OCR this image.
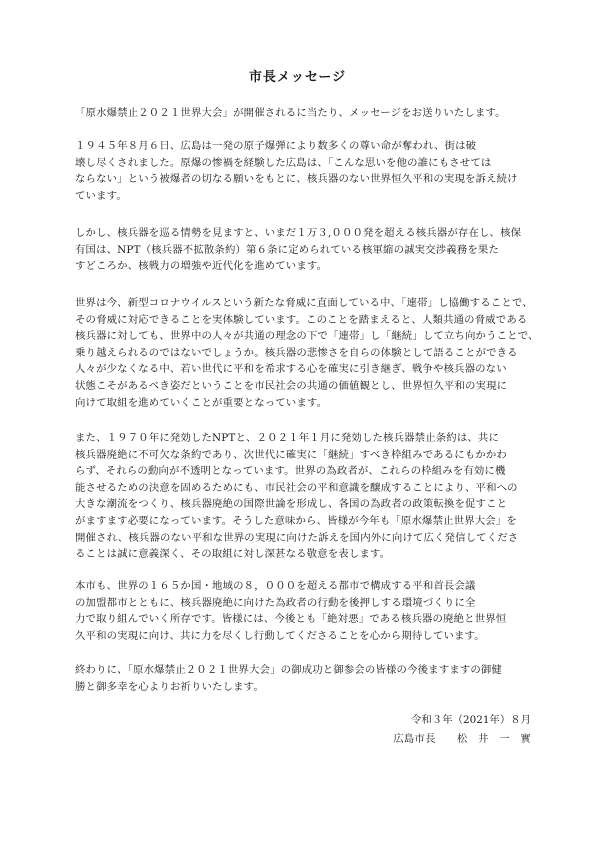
市長メッセージ

「原水爆禁止２０２１世界大会」が開催されるに当たり、メッセージをお送りいたします。

１９４５年８月６日、広島は一発の原子爆弾により数多くの尊い命が奪われ、街は破
壊し尽くされました。原爆の惨禍を経験した広島は、「こんな思いを他の誰にもさせては
ならない」という被爆者の切なる願いをもとに、核兵器のない世界恒久平和の実現を訴え続け
ています。

しかし、核兵器を巡る情勢を見ますと、いまだ１万３,０００発を超える核兵器が存在し、核保
有国は、NPT（核兵器不拡散条約）第６条に定められている核軍縮の誠実交渉義務を果た
すどころか、核戦力の増強や近代化を進めています。

世界は今、新型コロナウイルスという新たな脅威に直面している中、「連帯」し協働することで、
その脅威に対応できることを実体験しています。このことを踏まえると、人類共通の脅威である
核兵器に対しても、世界中の人々が共通の理念の下で「連帯」し「継続」して立ち向かうことで、
乗り越えられるのではないでしょうか。核兵器の悲惨さを自らの体験として語ることができる
人々が少なくなる中、若い世代に平和を希求する心を確実に引き継ぎ、戦争や核兵器のない
状態こそがあるべき姿だということを市民社会の共通の価値観とし、世界恒久平和の実現に
向けて取組を進めていくことが重要となっています。

また、１９７０年に発効したNPTと、２０２１年１月に発効した核兵器禁止条約は、共に
核兵器廃絶に不可欠な条約であり、次世代に確実に「継続」すべき枠組みであるにもかかわ
らず、それらの動向が不透明となっています。世界の為政者が、これらの枠組みを有効に機
能させるための決意を固めるためにも、市民社会の平和意識を醸成することにより、平和への
大きな潮流をつくり、核兵器廃絶の国際世論を形成し、各国の為政者の政策転換を促すこと
がますます必要になっています。そうした意味から、皆様が今年も「原水爆禁止世界大会」を
開催され、核兵器のない平和な世界の実現に向けた訴えを国内外に向けて広く発信してくださ
ることは誠に意義深く、その取組に対し深甚なる敬意を表します。

本市も、世界の１６５か国・地域の８，０００を超える都市で構成する平和首長会議
の加盟都市とともに、核兵器廃絶に向けた為政者の行動を後押しする環境づくりに全
力で取り組んでいく所存です。皆様には、今後とも「絶対悪」である核兵器の廃絶と世界恒
久平和の実現に向け、共に力を尽くし行動してくださることを心から期待しています。

終わりに、「原水爆禁止２０２１世界大会」の御成功と御参会の皆様の今後ますますの御健
勝と御多幸を心よりお祈りいたします。

令和３年（2021年）８月
広島市長　　松　井　一　實
